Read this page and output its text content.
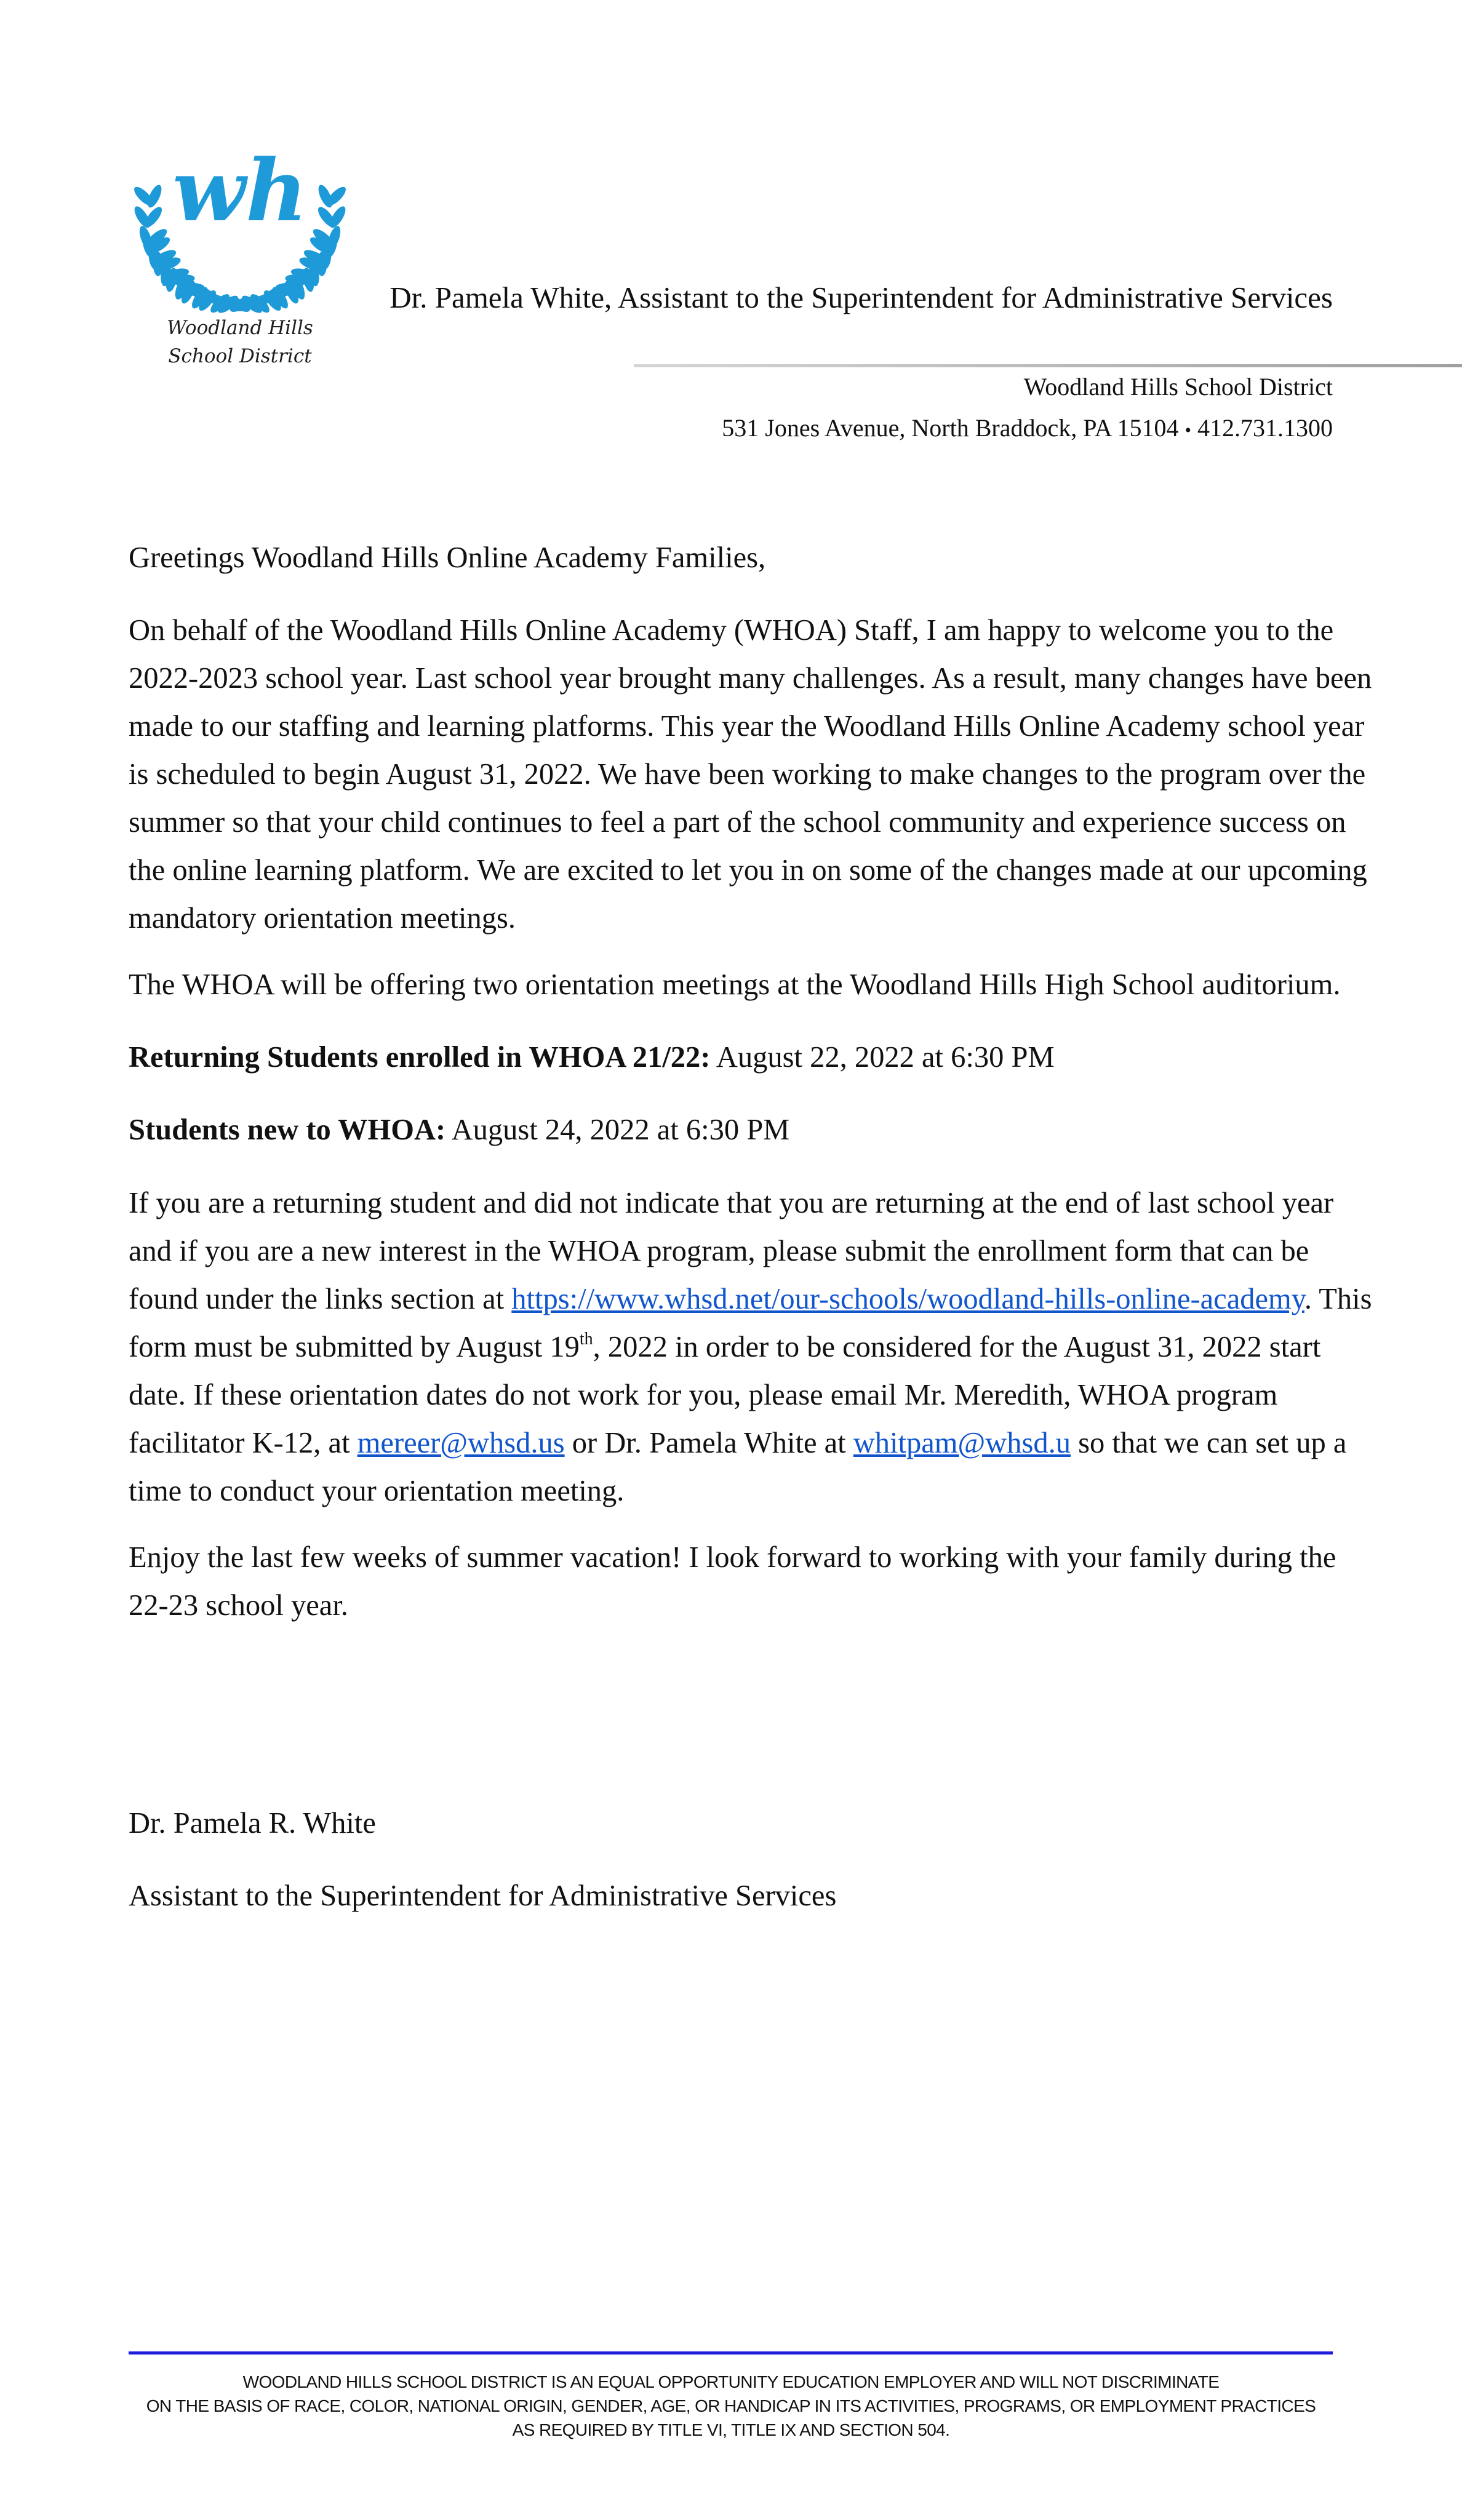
wh
Woodland Hills
School District
Dr. Pamela White, Assistant to the Superintendent for Administrative Services
Woodland Hills School District
531 Jones Avenue, North Braddock, PA 15104 • 412.731.1300
Greetings Woodland Hills Online Academy Families,
On behalf of the Woodland Hills Online Academy (WHOA) Staff, I am happy to welcome you to the
2022-2023 school year. Last school year brought many challenges. As a result, many changes have been
made to our staffing and learning platforms. This year the Woodland Hills Online Academy school year
is scheduled to begin August 31, 2022. We have been working to make changes to the program over the
summer so that your child continues to feel a part of the school community and experience success on
the online learning platform. We are excited to let you in on some of the changes made at our upcoming
mandatory orientation meetings.
The WHOA will be offering two orientation meetings at the Woodland Hills High School auditorium.
Returning Students enrolled in WHOA 21/22: August 22, 2022 at 6:30 PM
Students new to WHOA: August 24, 2022 at 6:30 PM
If you are a returning student and did not indicate that you are returning at the end of last school year
and if you are a new interest in the WHOA program, please submit the enrollment form that can be
found under the links section at https://www.whsd.net/our-schools/woodland-hills-online-academy. This
form must be submitted by August 19th, 2022 in order to be considered for the August 31, 2022 start
date. If these orientation dates do not work for you, please email Mr. Meredith, WHOA program
facilitator K-12, at mereer@whsd.us or Dr. Pamela White at whitpam@whsd.u so that we can set up a
time to conduct your orientation meeting.
Enjoy the last few weeks of summer vacation! I look forward to working with your family during the
22-23 school year.
Dr. Pamela R. White
Assistant to the Superintendent for Administrative Services
WOODLAND HILLS SCHOOL DISTRICT IS AN EQUAL OPPORTUNITY EDUCATION EMPLOYER AND WILL NOT DISCRIMINATE
ON THE BASIS OF RACE, COLOR, NATIONAL ORIGIN, GENDER, AGE, OR HANDICAP IN ITS ACTIVITIES, PROGRAMS, OR EMPLOYMENT PRACTICES
AS REQUIRED BY TITLE VI, TITLE IX AND SECTION 504.
